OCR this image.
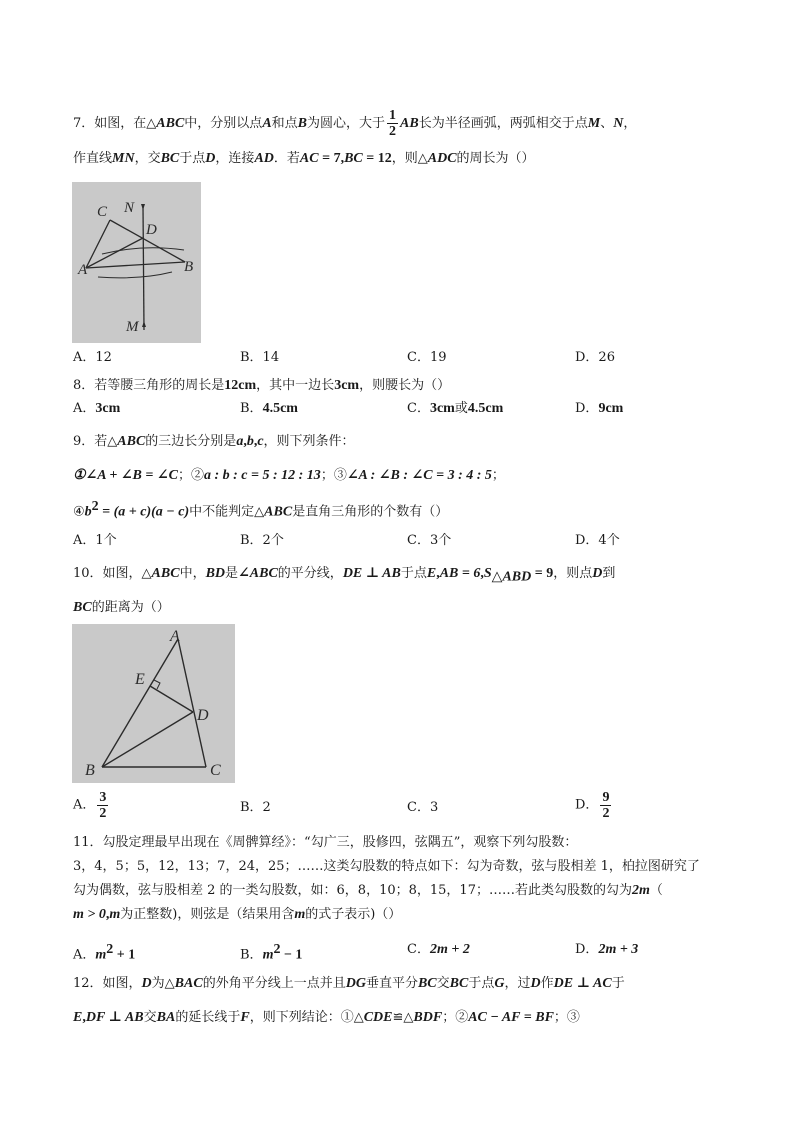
7．如图，在△ABC中，分别以点A和点B为圆心，大于 $\frac{1}{2}$ AB长为半径画弧，两弧相交于点M、N，
作直线MN，交BC于点D，连接AD．若AC = 7,BC = 12，则△ADC的周长为（）
C N
D
A	B
M
A．12	B．14	C．19	D．26
8．若等腰三角形的周长是12cm，其中一边长3cm，则腰长为（）
A．3cm	B．4.5cm	C．3cm或4.5cm	D．9cm
9．若△ABC的三边长分别是a,b,c，则下列条件：
①∠A + ∠B = ∠C；②a : b : c = 5 : 12 : 13；③∠A : ∠B : ∠C = 3 : 4 : 5；
$④b^2 = (a + c)(a - c)$中不能判定△ABC是直角三角形的个数有（）
A．1个	B．2个	C．3个	D．4个
10．如图，△ABC中，BD是∠ABC的平分线，DE ⊥ AB于点$E,AB = 6,S_{\triangle ABD} = 9$，则点D到
BC的距离为（）
A
E
D
B	C
A． $\frac{3}{2}$	B．2	C．3	D． $\frac{9}{2}$
11．勾股定理最早出现在《周髀算经》：“勾广三，股修四，弦隅五”，观察下列勾股数：
3，4，5；5，12，13；7，24，25；……这类勾股数的特点如下：勾为奇数，弦与股相差 1，柏拉图研究了
勾为偶数，弦与股相差 2 的一类勾股数，如：6，8，10；8，15，17；……若此类勾股数的勾为2m（
m > 0,m为正整数)，则弦是（结果用含m的式子表示)（）
A．$m^2 + 1$	B．$m^2 - 1$	C．2m + 2	D．2m + 3
12．如图，D为△BAC的外角平分线上一点并且DG垂直平分BC交BC于点G，过D作DE ⊥ AC于
E,DF ⊥ AB交BA的延长线于F，则下列结论：①△CDE≌△BDF；②AC − AF = BF；③
